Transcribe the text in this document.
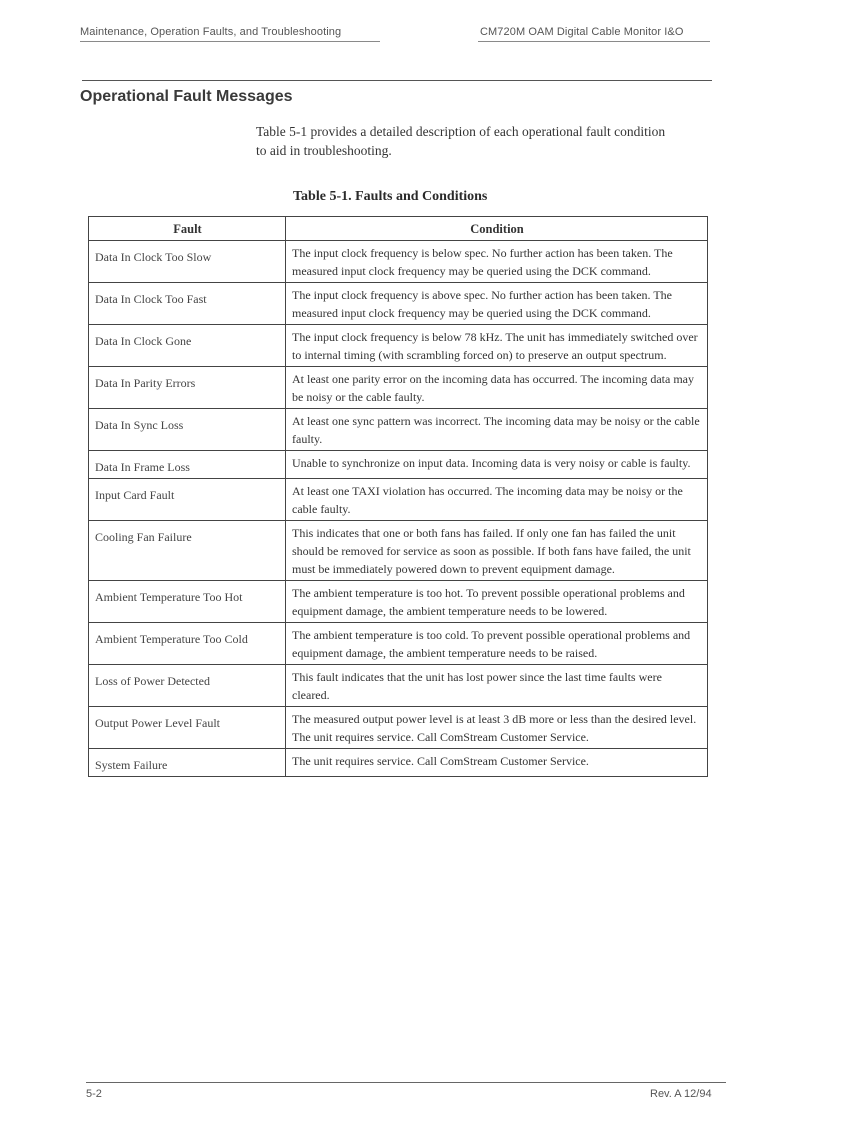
Maintenance, Operation Faults, and Troubleshooting	CM720M OAM Digital Cable Monitor I&O
Operational Fault Messages
Table 5-1 provides a detailed description of each operational fault condition to aid in troubleshooting.
Table 5-1. Faults and Conditions
Fault	Condition
Data In Clock Too Slow	The input clock frequency is below spec. No further action has been taken. The measured input clock frequency may be queried using the DCK command.
Data In Clock Too Fast	The input clock frequency is above spec. No further action has been taken. The measured input clock frequency may be queried using the DCK command.
Data In Clock Gone	The input clock frequency is below 78 kHz. The unit has immediately switched over to internal timing (with scrambling forced on) to preserve an output spectrum.
Data In Parity Errors	At least one parity error on the incoming data has occurred. The incoming data may be noisy or the cable faulty.
Data In Sync Loss	At least one sync pattern was incorrect. The incoming data may be noisy or the cable faulty.
Data In Frame Loss	Unable to synchronize on input data. Incoming data is very noisy or cable is faulty.
Input Card Fault	At least one TAXI violation has occurred. The incoming data may be noisy or the cable faulty.
Cooling Fan Failure	This indicates that one or both fans has failed. If only one fan has failed the unit should be removed for service as soon as possible. If both fans have failed, the unit must be immediately powered down to prevent equipment damage.
Ambient Temperature Too Hot	The ambient temperature is too hot. To prevent possible operational problems and equipment damage, the ambient temperature needs to be lowered.
Ambient Temperature Too Cold	The ambient temperature is too cold. To prevent possible operational problems and equipment damage, the ambient temperature needs to be raised.
Loss of Power Detected	This fault indicates that the unit has lost power since the last time faults were cleared.
Output Power Level Fault	The measured output power level is at least 3 dB more or less than the desired level. The unit requires service. Call ComStream Customer Service.
System Failure	The unit requires service. Call ComStream Customer Service.
5-2	Rev. A 12/94
